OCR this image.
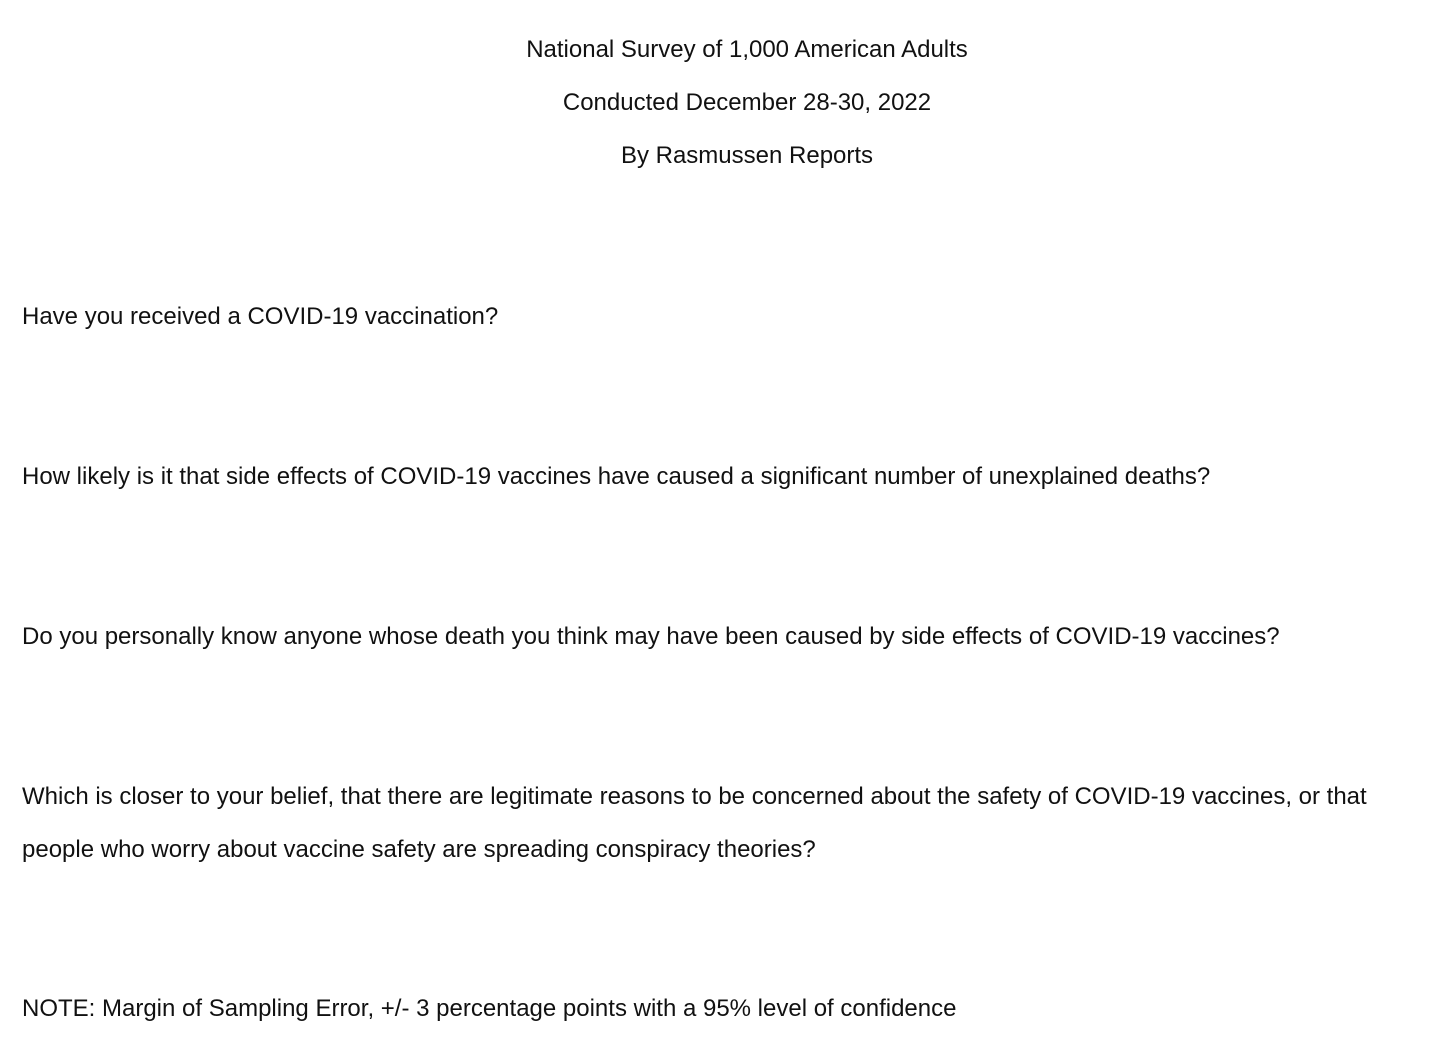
National Survey of 1,000 American Adults
Conducted December 28-30, 2022
By Rasmussen Reports

Have you received a COVID-19 vaccination?

How likely is it that side effects of COVID-19 vaccines have caused a significant number of unexplained deaths?

Do you personally know anyone whose death you think may have been caused by side effects of COVID-19 vaccines?

Which is closer to your belief, that there are legitimate reasons to be concerned about the safety of COVID-19 vaccines, or that people who worry about vaccine safety are spreading conspiracy theories?

NOTE: Margin of Sampling Error, +/- 3 percentage points with a 95% level of confidence
